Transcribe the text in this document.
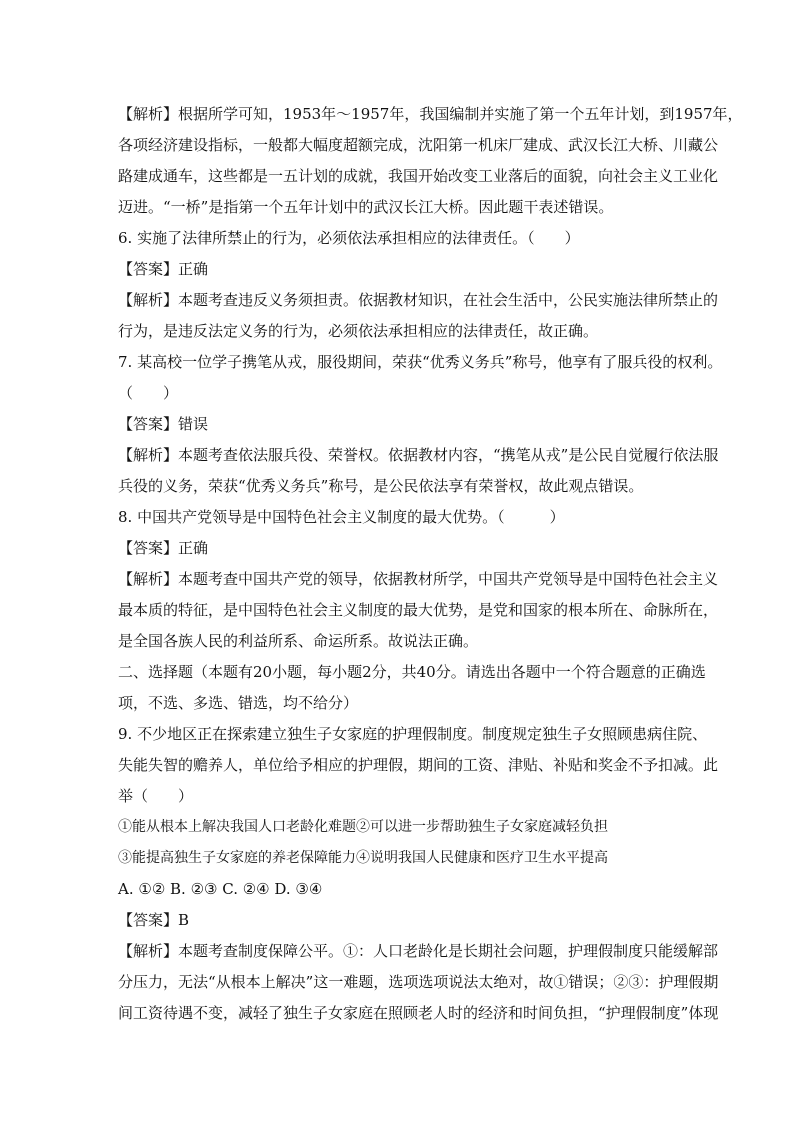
【解析】根据所学可知，1953年～1957年，我国编制并实施了第一个五年计划，到1957年，
各项经济建设指标，一般都大幅度超额完成，沈阳第一机床厂建成、武汉长江大桥、川藏公
路建成通车，这些都是一五计划的成就，我国开始改变工业落后的面貌，向社会主义工业化
迈进。“一桥”是指第一个五年计划中的武汉长江大桥。因此题干表述错误。
6. 实施了法律所禁止的行为，必须依法承担相应的法律责任。（　　）
【答案】正确
【解析】本题考查违反义务须担责。依据教材知识，在社会生活中，公民实施法律所禁止的
行为，是违反法定义务的行为，必须依法承担相应的法律责任，故正确。
7. 某高校一位学子携笔从戎，服役期间，荣获“优秀义务兵”称号，他享有了服兵役的权利。
（　　）
【答案】错误
【解析】本题考查依法服兵役、荣誉权。依据教材内容，“携笔从戎”是公民自觉履行依法服
兵役的义务，荣获“优秀义务兵”称号，是公民依法享有荣誉权，故此观点错误。
8. 中国共产党领导是中国特色社会主义制度的最大优势。（　　　）
【答案】正确
【解析】本题考查中国共产党的领导，依据教材所学，中国共产党领导是中国特色社会主义
最本质的特征，是中国特色社会主义制度的最大优势，是党和国家的根本所在、命脉所在，
是全国各族人民的利益所系、命运所系。故说法正确。
二、选择题（本题有20小题，每小题2分，共40分。请选出各题中一个符合题意的正确选
项，不选、多选、错选，均不给分）
9. 不少地区正在探索建立独生子女家庭的护理假制度。制度规定独生子女照顾患病住院、
失能失智的赡养人，单位给予相应的护理假，期间的工资、津贴、补贴和奖金不予扣减。此
举（　　）
①能从根本上解决我国人口老龄化难题②可以进一步帮助独生子女家庭减轻负担
③能提高独生子女家庭的养老保障能力④说明我国人民健康和医疗卫生水平提高
A. ①② B. ②③ C. ②④ D. ③④
【答案】B
【解析】本题考查制度保障公平。①：人口老龄化是长期社会问题，护理假制度只能缓解部
分压力，无法“从根本上解决”这一难题，选项选项说法太绝对，故①错误；②③：护理假期
间工资待遇不变，减轻了独生子女家庭在照顾老人时的经济和时间负担，“护理假制度”体现
